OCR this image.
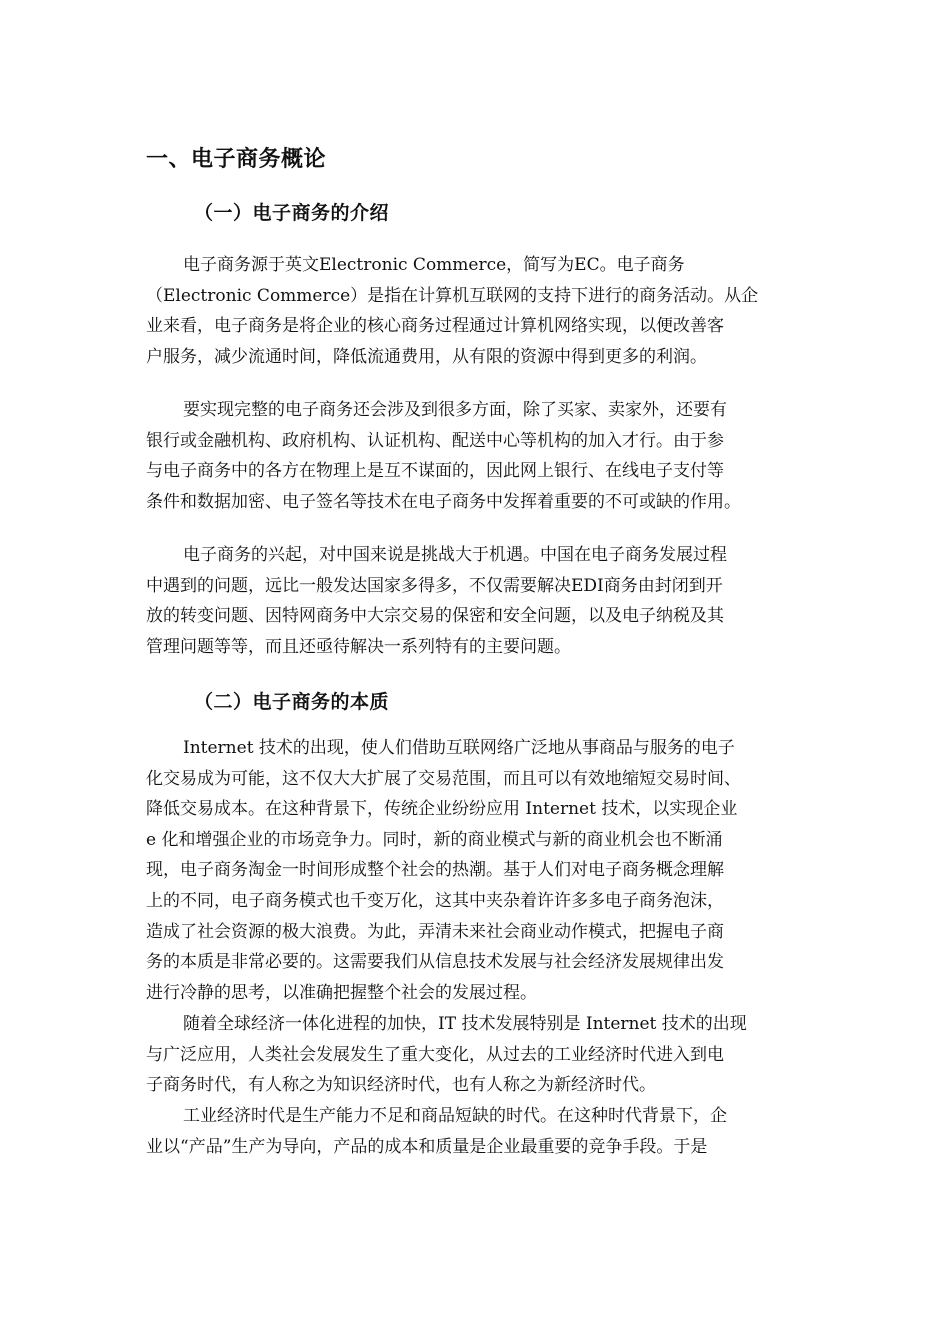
一、电子商务概论
（一）电子商务的介绍
电子商务源于英文Electronic Commerce，简写为EC。电子商务
（Electronic Commerce）是指在计算机互联网的支持下进行的商务活动。从企
业来看，电子商务是将企业的核心商务过程通过计算机网络实现，以便改善客
户服务，减少流通时间，降低流通费用，从有限的资源中得到更多的利润。
要实现完整的电子商务还会涉及到很多方面，除了买家、卖家外，还要有
银行或金融机构、政府机构、认证机构、配送中心等机构的加入才行。由于参
与电子商务中的各方在物理上是互不谋面的，因此网上银行、在线电子支付等
条件和数据加密、电子签名等技术在电子商务中发挥着重要的不可或缺的作用。
电子商务的兴起，对中国来说是挑战大于机遇。中国在电子商务发展过程
中遇到的问题，远比一般发达国家多得多，不仅需要解决EDI商务由封闭到开
放的转变问题、因特网商务中大宗交易的保密和安全问题，以及电子纳税及其
管理问题等等，而且还亟待解决一系列特有的主要问题。
（二）电子商务的本质
Internet 技术的出现，使人们借助互联网络广泛地从事商品与服务的电子
化交易成为可能，这不仅大大扩展了交易范围，而且可以有效地缩短交易时间、
降低交易成本。在这种背景下，传统企业纷纷应用 Internet 技术，以实现企业
e 化和增强企业的市场竞争力。同时，新的商业模式与新的商业机会也不断涌
现，电子商务淘金一时间形成整个社会的热潮。基于人们对电子商务概念理解
上的不同，电子商务模式也千变万化，这其中夹杂着许许多多电子商务泡沫，
造成了社会资源的极大浪费。为此，弄清未来社会商业动作模式，把握电子商
务的本质是非常必要的。这需要我们从信息技术发展与社会经济发展规律出发
进行冷静的思考，以准确把握整个社会的发展过程。
随着全球经济一体化进程的加快，IT 技术发展特别是 Internet 技术的出现
与广泛应用，人类社会发展发生了重大变化，从过去的工业经济时代进入到电
子商务时代，有人称之为知识经济时代，也有人称之为新经济时代。
工业经济时代是生产能力不足和商品短缺的时代。在这种时代背景下，企
业以“产品”生产为导向，产品的成本和质量是企业最重要的竞争手段。于是
